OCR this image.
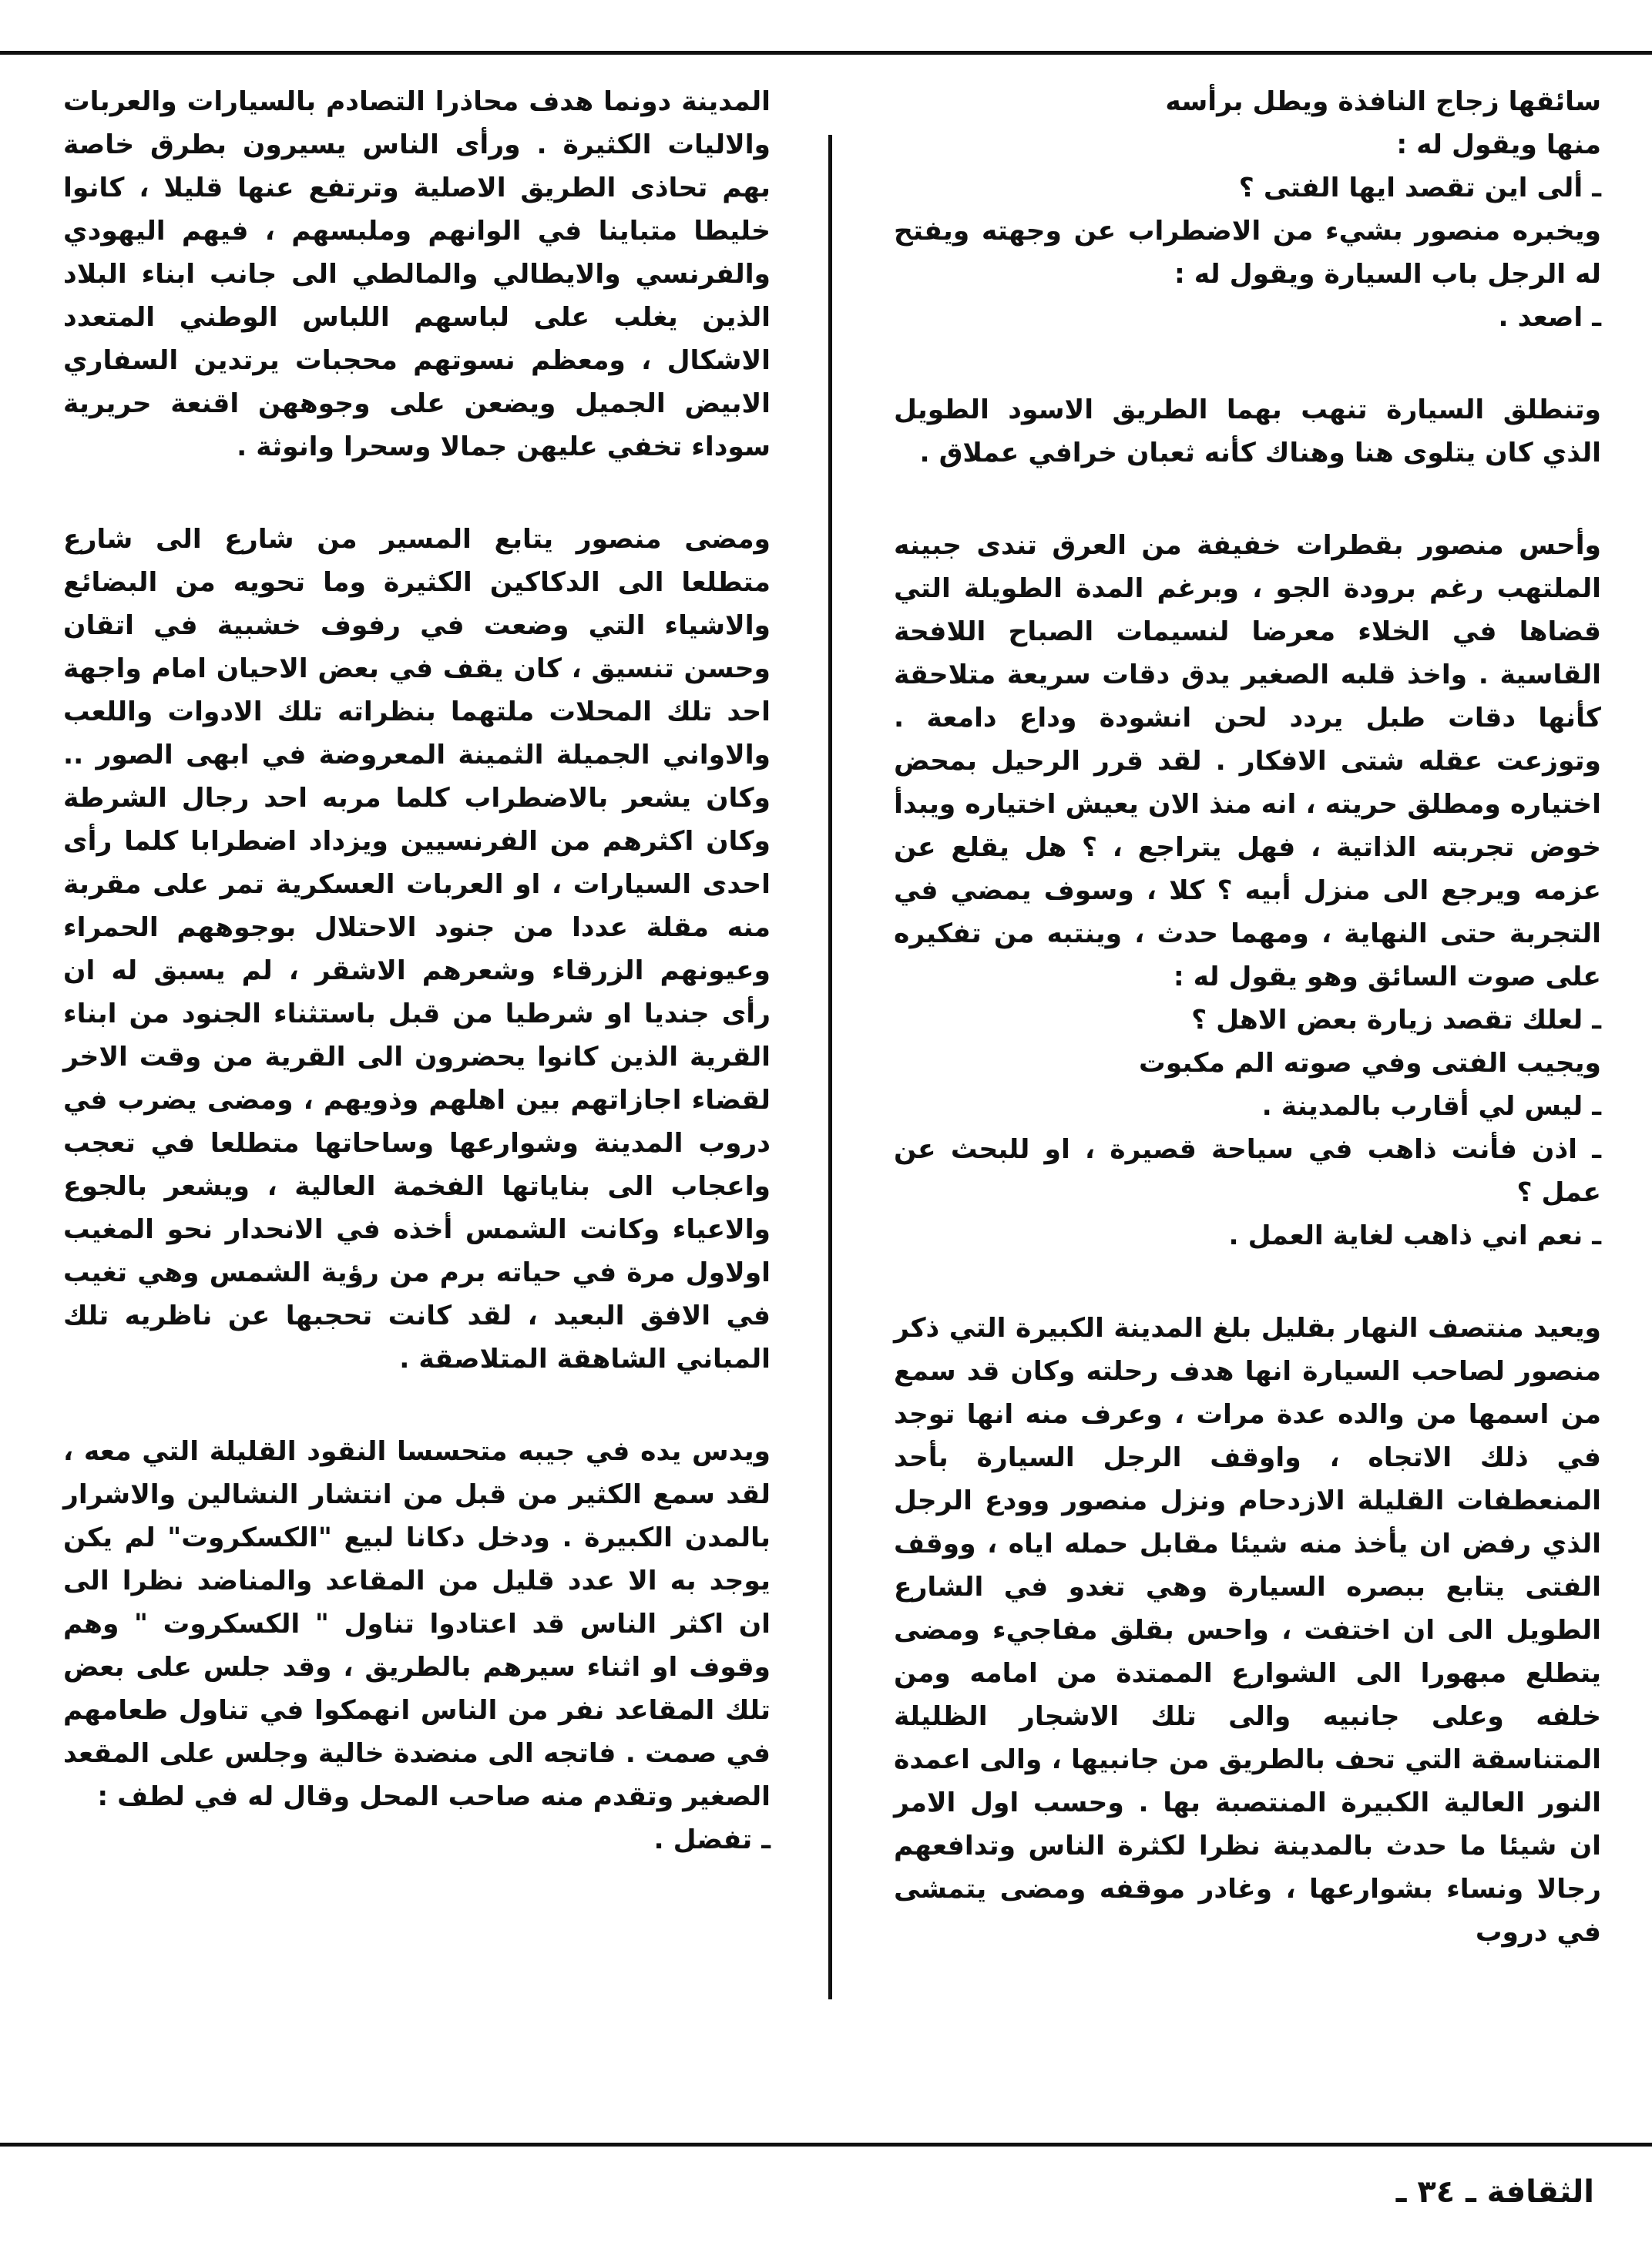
سائقها زجاج النافذة ويطل برأسه

منها ويقول له :

ـ ألى اين تقصد ايها الفتى ؟

ويخبره منصور بشيء من الاضطراب عن وجهته ويفتح له الرجل باب السيارة ويقول له :

ـ اصعد .

وتنطلق السيارة تنهب بهما الطريق الاسود الطويل الذي كان يتلوى هنا وهناك كأنه ثعبان خرافي عملاق .

وأحس منصور بقطرات خفيفة من العرق تندى جبينه الملتهب رغم برودة الجو ، وبرغم المدة الطويلة التي قضاها في الخلاء معرضا لنسيمات الصباح اللافحة القاسية . واخذ قلبه الصغير يدق دقات سريعة متلاحقة كأنها دقات طبل يردد لحن انشودة وداع دامعة . وتوزعت عقله شتى الافكار . لقد قرر الرحيل بمحض اختياره ومطلق حريته ، انه منذ الان يعيش اختياره ويبدأ خوض تجربته الذاتية ، فهل يتراجع ، ؟ هل يقلع عن عزمه ويرجع الى منزل أبيه ؟ كلا ، وسوف يمضي في التجربة حتى النهاية ، ومهما حدث ، وينتبه من تفكيره على صوت السائق وهو يقول له :

ـ لعلك تقصد زيارة بعض الاهل ؟

ويجيب الفتى وفي صوته الم مكبوت

ـ ليس لي أقارب بالمدينة .

ـ اذن فأنت ذاهب في سياحة قصيرة ، او للبحث عن عمل ؟

ـ نعم اني ذاهب لغاية العمل .

ويعيد منتصف النهار بقليل بلغ المدينة الكبيرة التي ذكر منصور لصاحب السيارة انها هدف رحلته وكان قد سمع من اسمها من والده عدة مرات ، وعرف منه انها توجد في ذلك الاتجاه ، واوقف الرجل السيارة بأحد المنعطفات القليلة الازدحام ونزل منصور وودع الرجل الذي رفض ان يأخذ منه شيئا مقابل حمله اياه ، ووقف الفتى يتابع ببصره السيارة وهي تغدو في الشارع الطويل الى ان اختفت ، واحس بقلق مفاجيء ومضى يتطلع مبهورا الى الشوارع الممتدة من امامه ومن خلفه وعلى جانبيه والى تلك الاشجار الظليلة المتناسقة التي تحف بالطريق من جانبيها ، والى اعمدة النور العالية الكبيرة المنتصبة بها . وحسب اول الامر ان شيئا ما حدث بالمدينة نظرا لكثرة الناس وتدافعهم رجالا ونساء بشوارعها ، وغادر موقفه ومضى يتمشى في دروب

المدينة دونما هدف محاذرا التصادم بالسيارات والعربات والاليات الكثيرة . ورأى الناس يسيرون بطرق خاصة بهم تحاذى الطريق الاصلية وترتفع عنها قليلا ، كانوا خليطا متباينا في الوانهم وملبسهم ، فيهم اليهودي والفرنسي والايطالي والمالطي الى جانب ابناء البلاد الذين يغلب على لباسهم اللباس الوطني المتعدد الاشكال ، ومعظم نسوتهم محجبات يرتدين السفاري الابيض الجميل ويضعن على وجوههن اقنعة حريرية سوداء تخفي عليهن جمالا وسحرا وانوثة .

ومضى منصور يتابع المسير من شارع الى شارع متطلعا الى الدكاكين الكثيرة وما تحويه من البضائع والاشياء التي وضعت في رفوف خشبية في اتقان وحسن تنسيق ، كان يقف في بعض الاحيان امام واجهة احد تلك المحلات ملتهما بنظراته تلك الادوات واللعب والاواني الجميلة الثمينة المعروضة في ابهى الصور .. وكان يشعر بالاضطراب كلما مربه احد رجال الشرطة وكان اكثرهم من الفرنسيين ويزداد اضطرابا كلما رأى احدى السيارات ، او العربات العسكرية تمر على مقربة منه مقلة عددا من جنود الاحتلال بوجوههم الحمراء وعيونهم الزرقاء وشعرهم الاشقر ، لم يسبق له ان رأى جنديا او شرطيا من قبل باستثناء الجنود من ابناء القرية الذين كانوا يحضرون الى القرية من وقت الاخر لقضاء اجازاتهم بين اهلهم وذويهم ، ومضى يضرب في دروب المدينة وشوارعها وساحاتها متطلعا في تعجب واعجاب الى بناياتها الفخمة العالية ، ويشعر بالجوع والاعياء وكانت الشمس أخذه في الانحدار نحو المغيب اولاول مرة في حياته برم من رؤية الشمس وهي تغيب في الافق البعيد ، لقد كانت تحجبها عن ناظريه تلك المباني الشاهقة المتلاصقة .

ويدس يده في جيبه متحسسا النقود القليلة التي معه ، لقد سمع الكثير من قبل من انتشار النشالين والاشرار بالمدن الكبيرة . ودخل دكانا لبيع "الكسكروت" لم يكن يوجد به الا عدد قليل من المقاعد والمناضد نظرا الى ان اكثر الناس قد اعتادوا تناول " الكسكروت " وهم وقوف او اثناء سيرهم بالطريق ، وقد جلس على بعض تلك المقاعد نفر من الناس انهمكوا في تناول طعامهم في صمت . فاتجه الى منضدة خالية وجلس على المقعد الصغير وتقدم منه صاحب المحل وقال له في لطف :

ـ تفضل .

الثقافة ـ ٣٤ ـ
